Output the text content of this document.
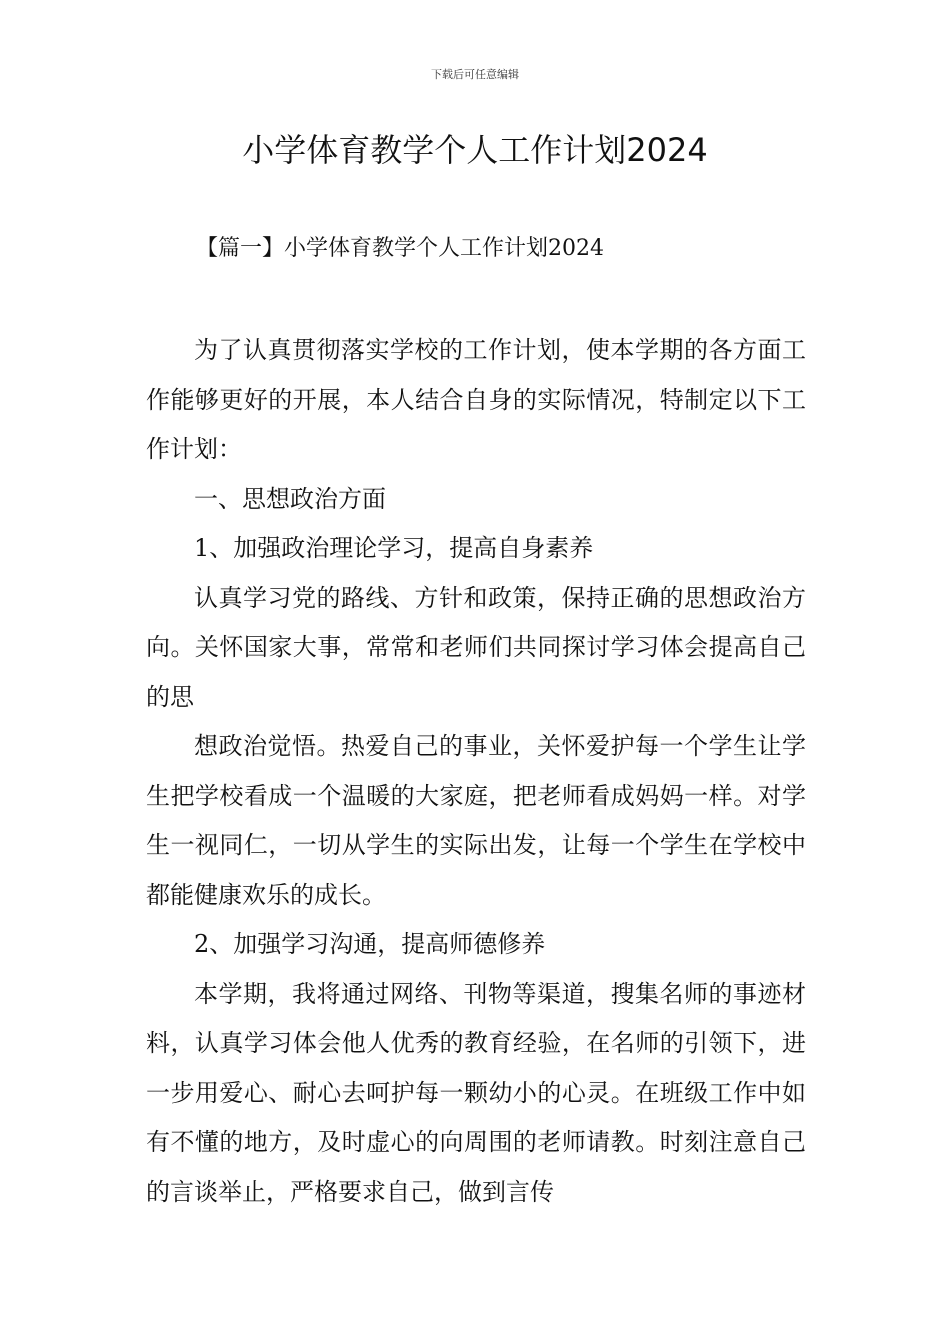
下载后可任意编辑
小学体育教学个人工作计划2024
【篇一】小学体育教学个人工作计划2024

为了认真贯彻落实学校的工作计划，使本学期的各方面工作能够更好的开展，本人结合自身的实际情况，特制定以下工作计划：

一、思想政治方面

1、加强政治理论学习，提高自身素养

认真学习党的路线、方针和政策，保持正确的思想政治方向。关怀国家大事，常常和老师们共同探讨学习体会提高自己的思

想政治觉悟。热爱自己的事业，关怀爱护每一个学生让学生把学校看成一个温暖的大家庭，把老师看成妈妈一样。对学生一视同仁，一切从学生的实际出发，让每一个学生在学校中都能健康欢乐的成长。

2、加强学习沟通，提高师德修养

本学期，我将通过网络、刊物等渠道，搜集名师的事迹材料，认真学习体会他人优秀的教育经验，在名师的引领下，进一步用爱心、耐心去呵护每一颗幼小的心灵。在班级工作中如有不懂的地方，及时虚心的向周围的老师请教。时刻注意自己的言谈举止，严格要求自己，做到言传
